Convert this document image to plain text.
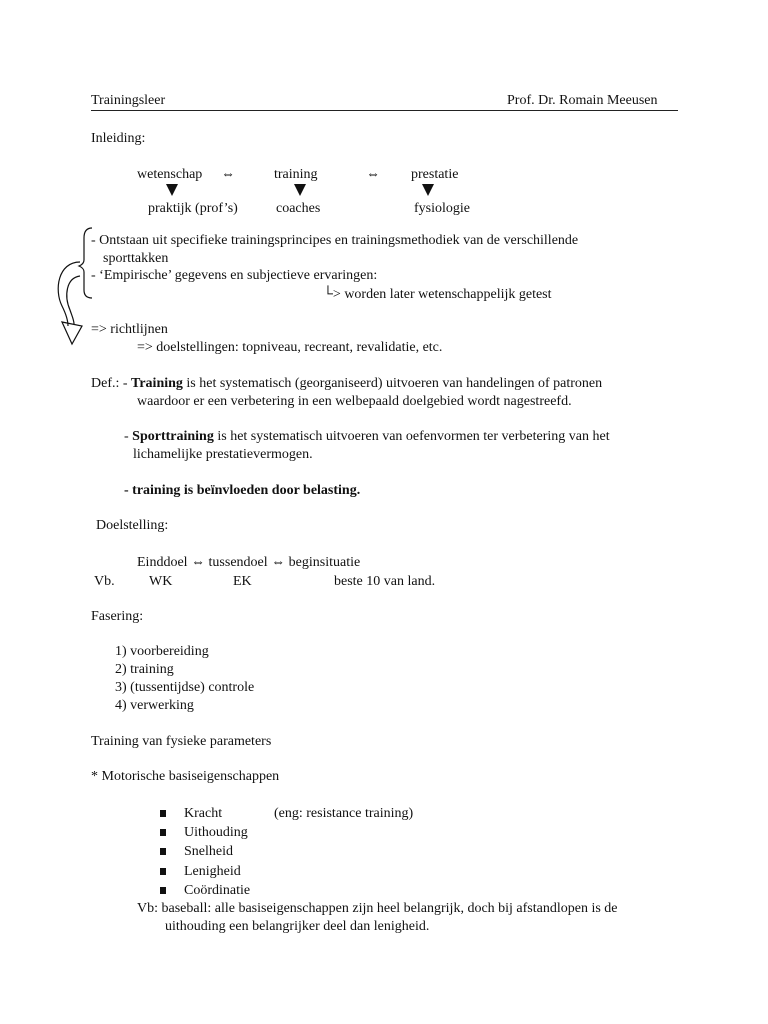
Trainingsleer	Prof. Dr. Romain Meeusen
Inleiding:
wetenschap ⇔	training	⇔ prestatie
praktijk (prof’s)	coaches	fysiologie
- Ontstaan uit specifieke trainingsprincipes en trainingsmethodiek van de verschillende
sporttakken
- ‘Empirische’ gegevens en subjectieve ervaringen:
└> worden later wetenschappelijk getest
=> richtlijnen
=> doelstellingen: topniveau, recreant, revalidatie, etc.
Def.: - Training is het systematisch (georganiseerd) uitvoeren van handelingen of patronen
waardoor er een verbetering in een welbepaald doelgebied wordt nagestreefd.
- Sporttraining is het systematisch uitvoeren van oefenvormen ter verbetering van het
lichamelijke prestatievermogen.
- training is beïnvloeden door belasting.
Doelstelling:
Einddoel ⇔ tussendoel ⇔ beginsituatie
Vb. WK	EK	beste 10 van land.
Fasering:
1) voorbereiding
2) training
3) (tussentijdse) controle
4) verwerking
Training van fysieke parameters
* Motorische basiseigenschappen
Kracht	(eng: resistance training)
Uithouding
Snelheid
Lenigheid
Coördinatie
Vb: baseball: alle basiseigenschappen zijn heel belangrijk, doch bij afstandlopen is de
uithouding een belangrijker deel dan lenigheid.
